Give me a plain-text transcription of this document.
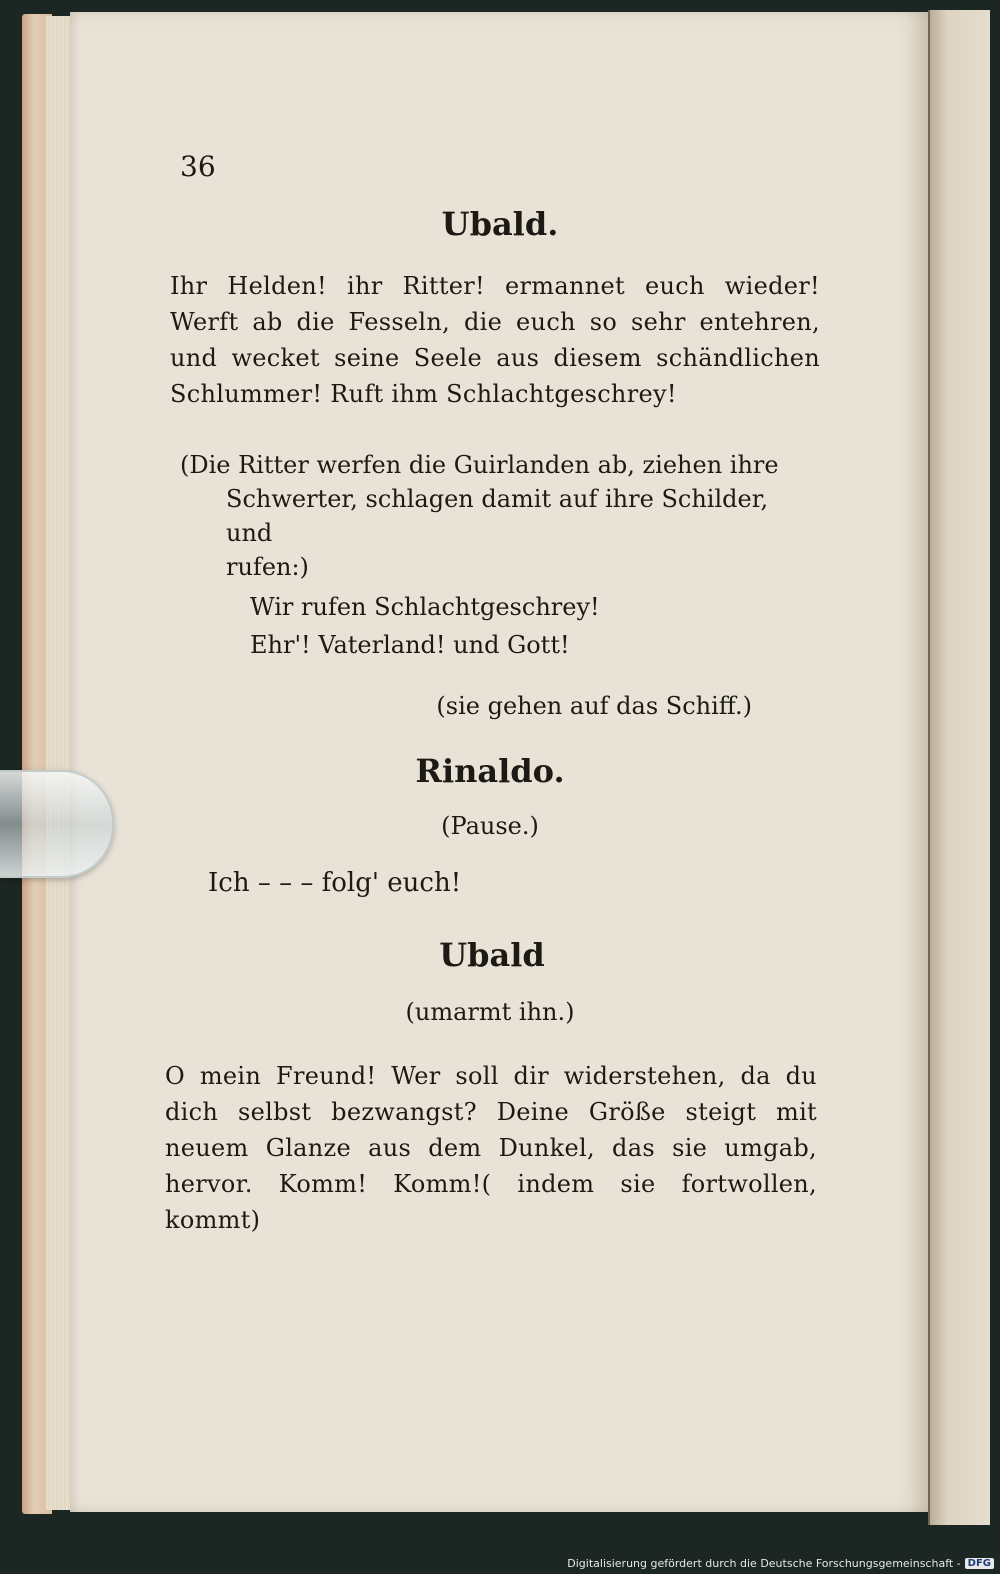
36
Ubald.
Ihr Helden! ihr Ritter! ermannet euch wieder! Werft ab die Fesseln, die euch so sehr entehren, und wecket seine Seele aus diesem schändlichen Schlummer! Ruft ihm Schlachtgeschrey!
(Die Ritter werfen die Guirlanden ab, ziehen ihre
Schwerter, schlagen damit auf ihre Schilder, und
rufen:)
Wir rufen Schlachtgeschrey!
Ehr'! Vaterland! und Gott!
(sie gehen auf das Schiff.)
Rinaldo.
(Pause.)
Ich – – – folg' euch!
Ubald
(umarmt ihn.)
O mein Freund! Wer soll dir widerstehen, da du dich selbst bezwangst? Deine Größe steigt mit neuem Glanze aus dem Dunkel, das sie umgab, hervor. Komm! Komm!( indem sie fortwollen, kommt)
Digitalisierung gefördert durch die Deutsche Forschungsgemeinschaft - DFG
